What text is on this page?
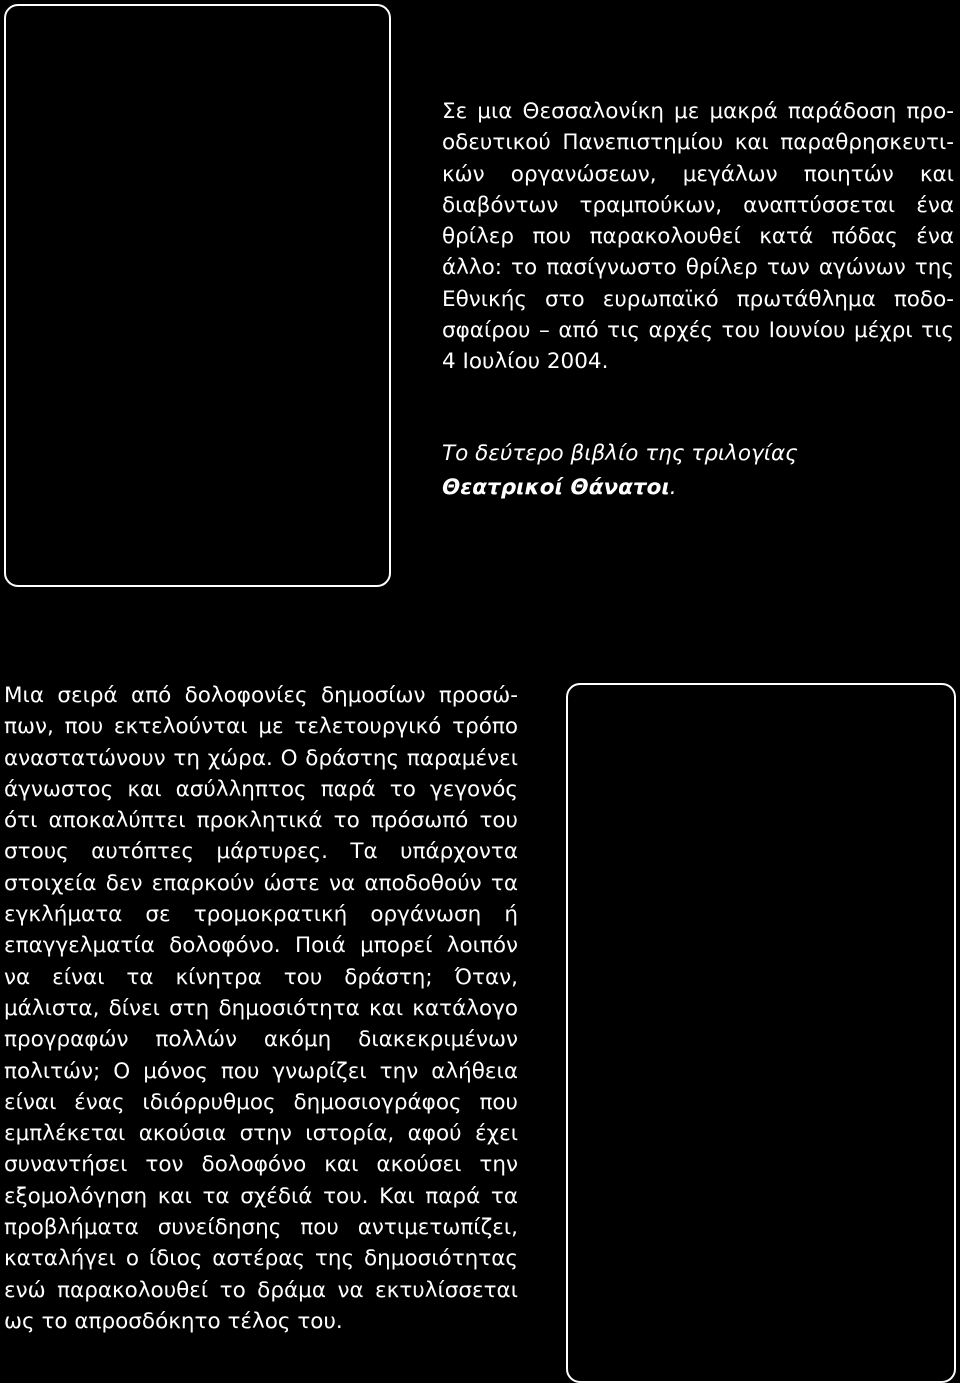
Σε μια Θεσσαλονίκη με μακρά παράδοση προοδευτικού Πανεπιστημίου και παραθρησκευτικών οργανώσεων, μεγάλων ποιητών και διαβόντων τραμπούκων, αναπτύσσεται ένα θρίλερ που παρακολουθεί κατά πόδας ένα άλλο: το πασίγνωστο θρίλερ των αγώνων της Εθνικής στο ευρωπαϊκό πρωτάθλημα ποδοσφαίρου – από τις αρχές του Ιουνίου μέχρι τις 4 Ιουλίου 2004.

Το δεύτερο βιβλίο της τριλογίας
Θεατρικοί Θάνατοι.

Μια σειρά από δολοφονίες δημοσίων προσώπων, που εκτελούνται με τελετουργικό τρόπο αναστατώνουν τη χώρα. Ο δράστης παραμένει άγνωστος και ασύλληπτος παρά το γεγονός ότι αποκαλύπτει προκλητικά το πρόσωπό του στους αυτόπτες μάρτυρες. Τα υπάρχοντα στοιχεία δεν επαρκούν ώστε να αποδοθούν τα εγκλήματα σε τρομοκρατική οργάνωση ή επαγγελματία δολοφόνο. Ποιά μπορεί λοιπόν να είναι τα κίνητρα του δράστη; Όταν, μάλιστα, δίνει στη δημοσιότητα και κατάλογο προγραφών πολλών ακόμη διακεκριμένων πολιτών; Ο μόνος που γνωρίζει την αλήθεια είναι ένας ιδιόρρυθμος δημοσιογράφος που εμπλέκεται ακούσια στην ιστορία, αφού έχει συναντήσει τον δολοφόνο και ακούσει την εξομολόγηση και τα σχέδιά του. Και παρά τα προβλήματα συνείδησης που αντιμετωπίζει, καταλήγει ο ίδιος αστέρας της δημοσιότητας ενώ παρακολουθεί το δράμα να εκτυλίσσεται ως το απροσδόκητο τέλος του.
